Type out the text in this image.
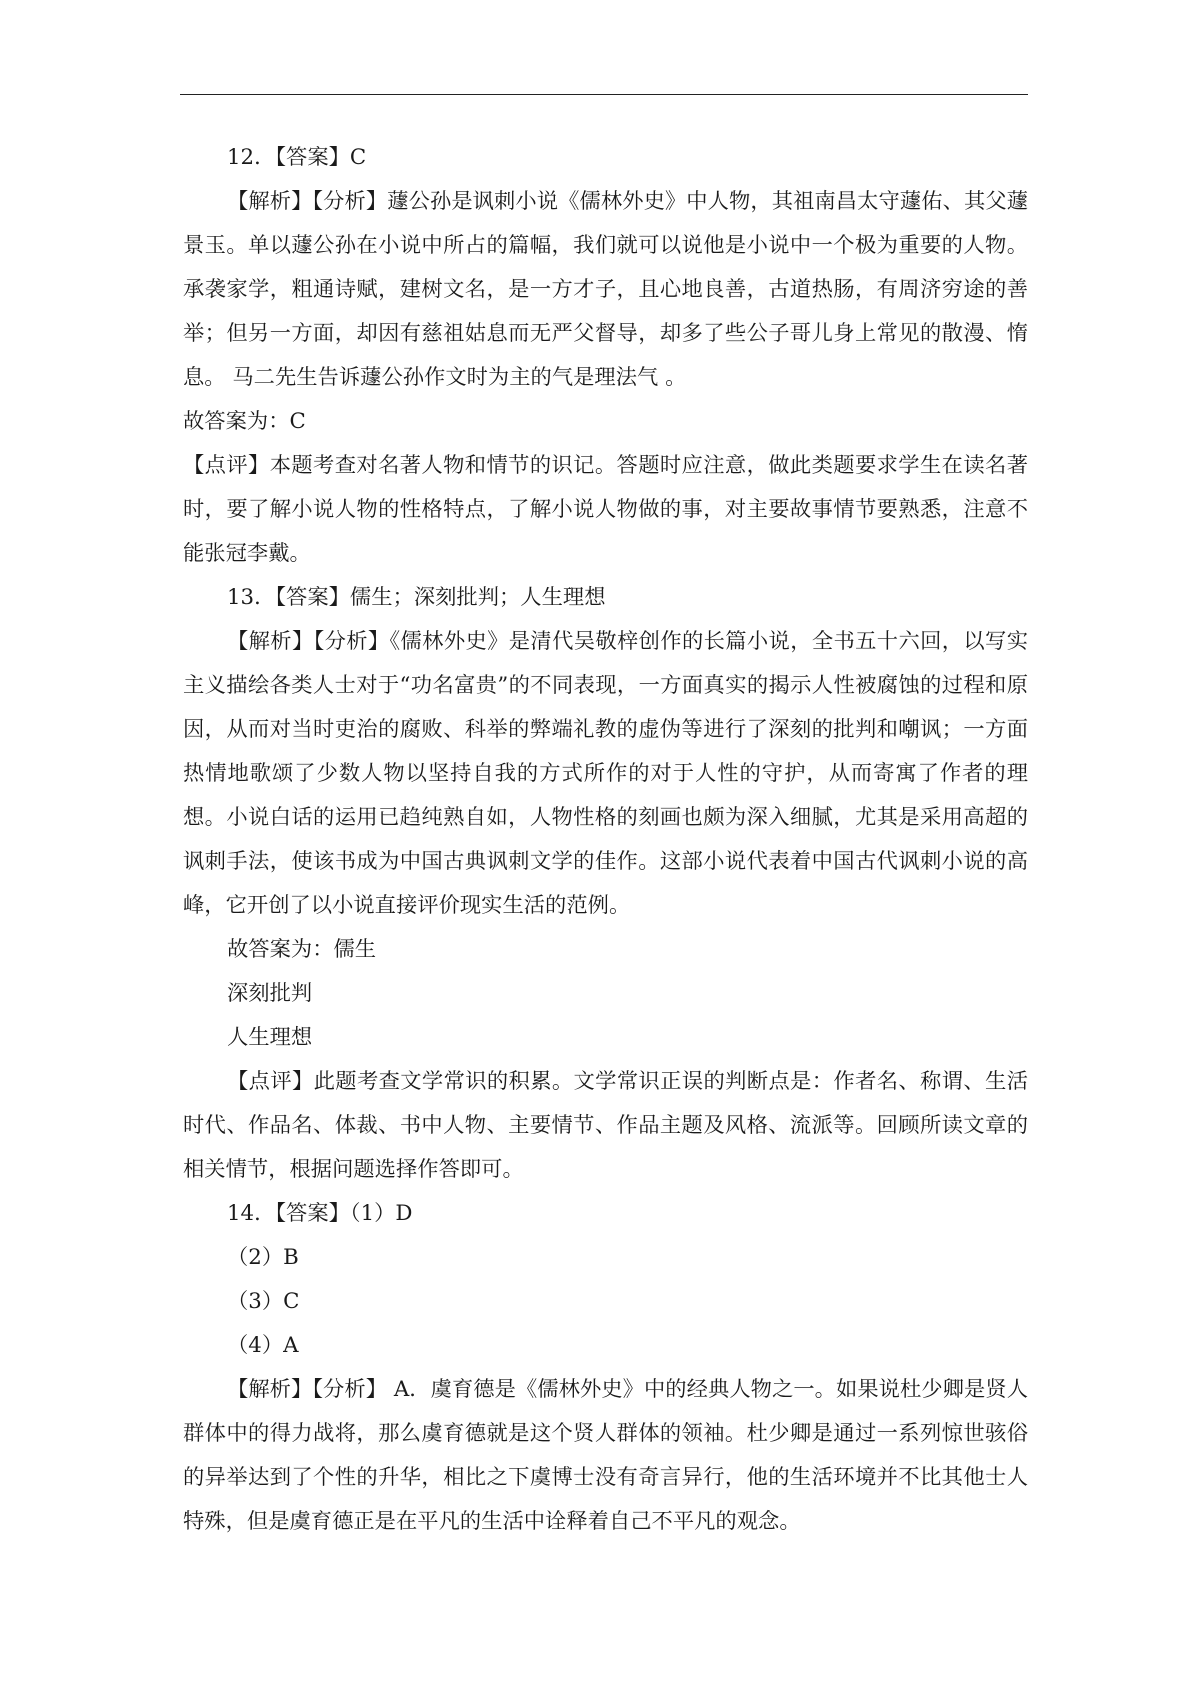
12．【答案】C

【解析】【分析】蘧公孙是讽刺小说《儒林外史》中人物，其祖南昌太守蘧佑、其父蘧景玉。单以蘧公孙在小说中所占的篇幅，我们就可以说他是小说中一个极为重要的人物。承袭家学，粗通诗赋，建树文名，是一方才子，且心地良善，古道热肠，有周济穷途的善举；但另一方面，却因有慈祖姑息而无严父督导，却多了些公子哥儿身上常见的散漫、惰息。 马二先生告诉蘧公孙作文时为主的气是理法气 。

故答案为：C

【点评】本题考查对名著人物和情节的识记。答题时应注意，做此类题要求学生在读名著时，要了解小说人物的性格特点，了解小说人物做的事，对主要故事情节要熟悉，注意不能张冠李戴。

13．【答案】儒生；深刻批判；人生理想

【解析】【分析】《儒林外史》是清代吴敬梓创作的长篇小说，全书五十六回，以写实主义描绘各类人士对于“功名富贵”的不同表现，一方面真实的揭示人性被腐蚀的过程和原因，从而对当时吏治的腐败、科举的弊端礼教的虚伪等进行了深刻的批判和嘲讽；一方面热情地歌颂了少数人物以坚持自我的方式所作的对于人性的守护，从而寄寓了作者的理想。小说白话的运用已趋纯熟自如，人物性格的刻画也颇为深入细腻，尤其是采用高超的讽刺手法，使该书成为中国古典讽刺文学的佳作。这部小说代表着中国古代讽刺小说的高峰，它开创了以小说直接评价现实生活的范例。

故答案为：儒生

深刻批判

人生理想

【点评】此题考查文学常识的积累。文学常识正误的判断点是：作者名、称谓、生活时代、作品名、体裁、书中人物、主要情节、作品主题及风格、流派等。回顾所读文章的相关情节，根据问题选择作答即可。

14．【答案】（1）D

（2）B

（3）C

（4）A

【解析】【分析】 A．虞育德是《儒林外史》中的经典人物之一。如果说杜少卿是贤人群体中的得力战将，那么虞育德就是这个贤人群体的领袖。杜少卿是通过一系列惊世骇俗的异举达到了个性的升华，相比之下虞博士没有奇言异行，他的生活环境并不比其他士人特殊，但是虞育德正是在平凡的生活中诠释着自己不平凡的观念。
